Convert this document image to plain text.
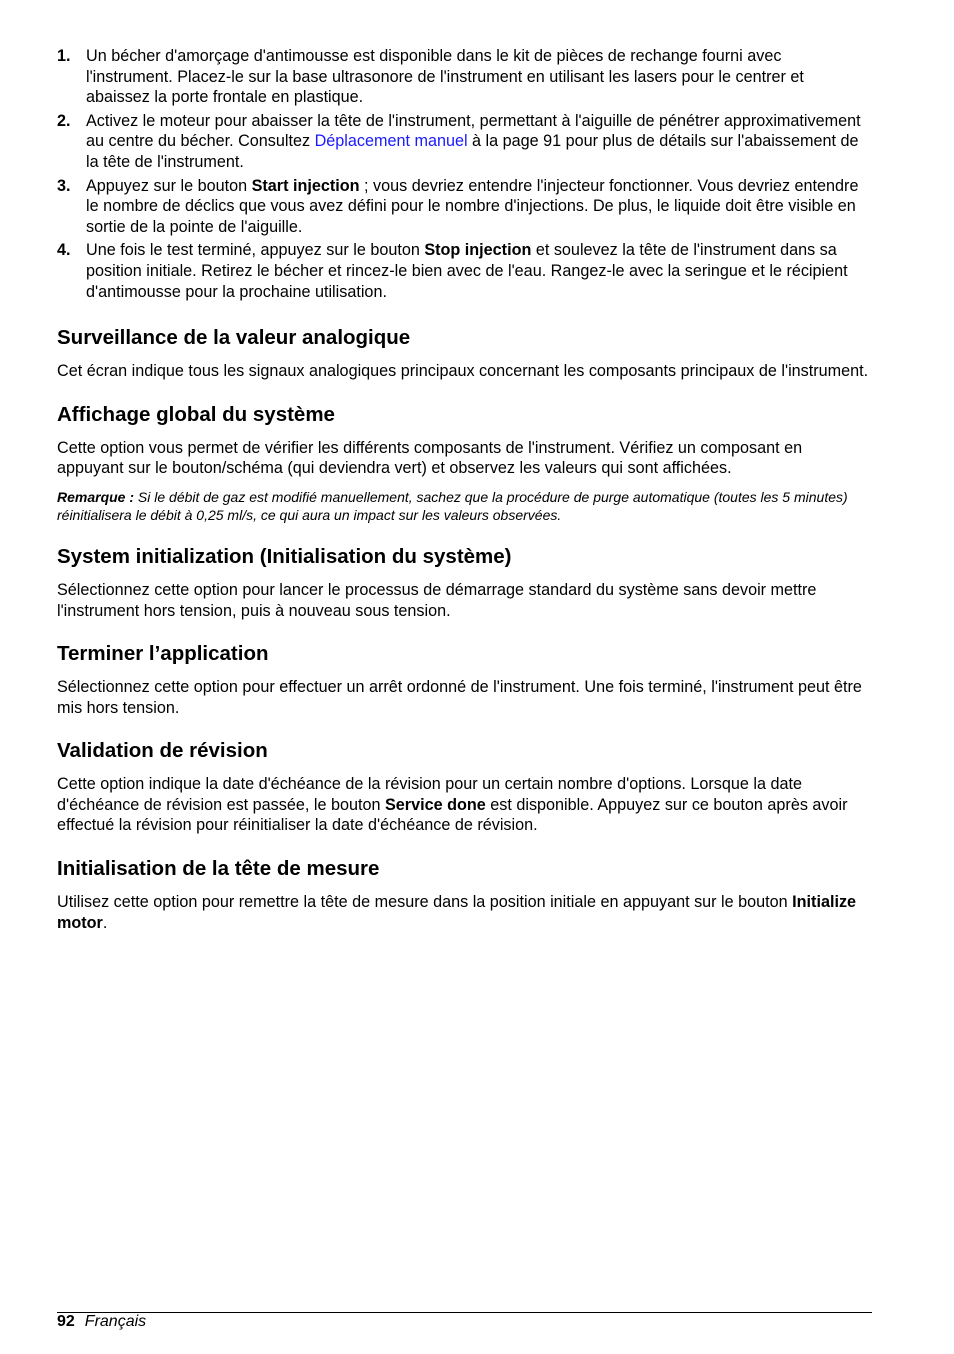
1. Un bécher d'amorçage d'antimousse est disponible dans le kit de pièces de rechange fourni avec l'instrument. Placez-le sur la base ultrasonore de l'instrument en utilisant les lasers pour le centrer et abaissez la porte frontale en plastique.
2. Activez le moteur pour abaisser la tête de l'instrument, permettant à l'aiguille de pénétrer approximativement au centre du bécher. Consultez Déplacement manuel à la page 91 pour plus de détails sur l'abaissement de la tête de l'instrument.
3. Appuyez sur le bouton Start injection ; vous devriez entendre l'injecteur fonctionner. Vous devriez entendre le nombre de déclics que vous avez défini pour le nombre d'injections. De plus, le liquide doit être visible en sortie de la pointe de l'aiguille.
4. Une fois le test terminé, appuyez sur le bouton Stop injection et soulevez la tête de l'instrument dans sa position initiale. Retirez le bécher et rincez-le bien avec de l'eau. Rangez-le avec la seringue et le récipient d'antimousse pour la prochaine utilisation.
Surveillance de la valeur analogique

Cet écran indique tous les signaux analogiques principaux concernant les composants principaux de l'instrument.

Affichage global du système

Cette option vous permet de vérifier les différents composants de l'instrument. Vérifiez un composant en appuyant sur le bouton/schéma (qui deviendra vert) et observez les valeurs qui sont affichées.

Remarque : Si le débit de gaz est modifié manuellement, sachez que la procédure de purge automatique (toutes les 5 minutes) réinitialisera le débit à 0,25 ml/s, ce qui aura un impact sur les valeurs observées.

System initialization (Initialisation du système)

Sélectionnez cette option pour lancer le processus de démarrage standard du système sans devoir mettre l'instrument hors tension, puis à nouveau sous tension.

Terminer l’application

Sélectionnez cette option pour effectuer un arrêt ordonné de l'instrument. Une fois terminé, l'instrument peut être mis hors tension.

Validation de révision

Cette option indique la date d'échéance de la révision pour un certain nombre d'options. Lorsque la date d'échéance de révision est passée, le bouton Service done est disponible. Appuyez sur ce bouton après avoir effectué la révision pour réinitialiser la date d'échéance de révision.

Initialisation de la tête de mesure

Utilisez cette option pour remettre la tête de mesure dans la position initiale en appuyant sur le bouton Initialize motor.

92 Français
